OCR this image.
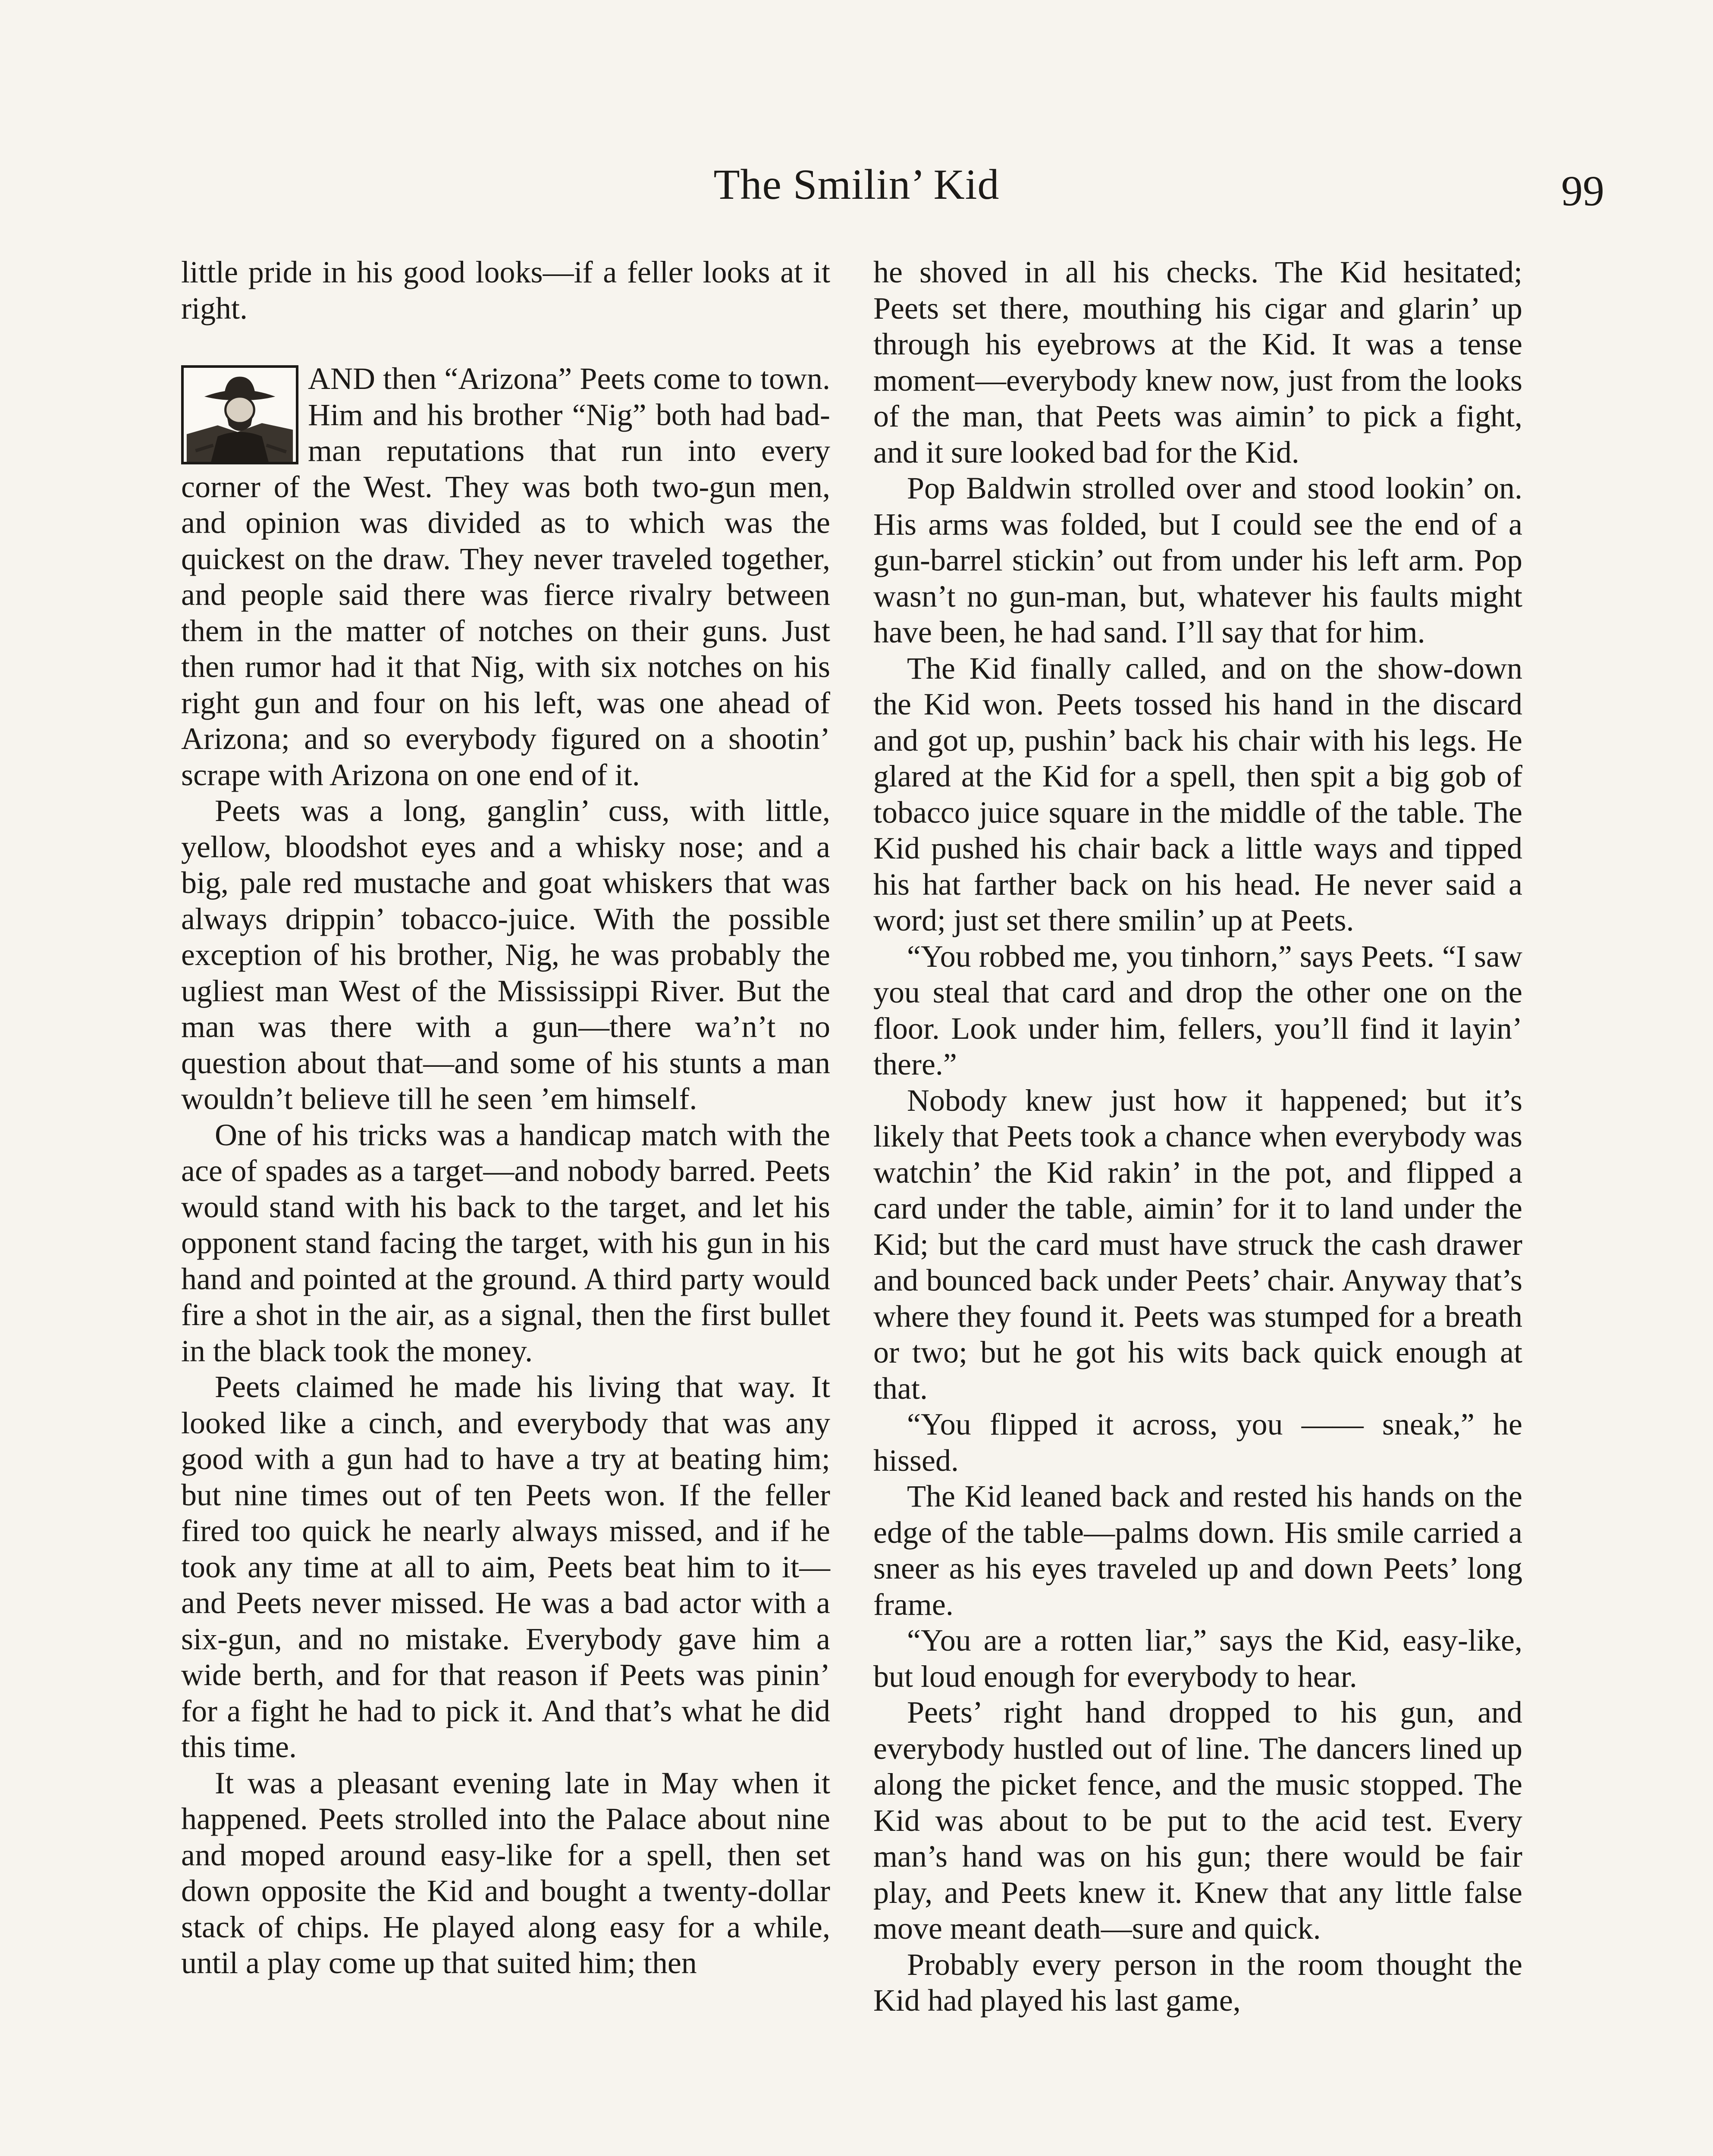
The Smilin’ Kid	99

little pride in his good looks—if a feller looks at it right.

AND then “Arizona” Peets come to town. Him and his brother “Nig” both had bad-man reputations that run into every corner of the West. They was both two-gun men, and opinion was divided as to which was the quickest on the draw. They never traveled together, and people said there was fierce rivalry between them in the matter of notches on their guns. Just then rumor had it that Nig, with six notches on his right gun and four on his left, was one ahead of Arizona; and so everybody figured on a shootin’ scrape with Arizona on one end of it.

Peets was a long, ganglin’ cuss, with little, yellow, bloodshot eyes and a whisky nose; and a big, pale red mustache and goat whiskers that was always drippin’ tobacco-juice. With the possible exception of his brother, Nig, he was probably the ugliest man West of the Mississippi River. But the man was there with a gun—there wa’n’t no question about that—and some of his stunts a man wouldn’t believe till he seen ’em himself.

One of his tricks was a handicap match with the ace of spades as a target—and nobody barred. Peets would stand with his back to the target, and let his opponent stand facing the target, with his gun in his hand and pointed at the ground. A third party would fire a shot in the air, as a signal, then the first bullet in the black took the money.

Peets claimed he made his living that way. It looked like a cinch, and everybody that was any good with a gun had to have a try at beating him; but nine times out of ten Peets won. If the feller fired too quick he nearly always missed, and if he took any time at all to aim, Peets beat him to it—and Peets never missed. He was a bad actor with a six-gun, and no mistake. Everybody gave him a wide berth, and for that reason if Peets was pinin’ for a fight he had to pick it. And that’s what he did this time.

It was a pleasant evening late in May when it happened. Peets strolled into the Palace about nine and moped around easy-like for a spell, then set down opposite the Kid and bought a twenty-dollar stack of chips. He played along easy for a while, until a play come up that suited him; then

he shoved in all his checks. The Kid hesitated; Peets set there, mouthing his cigar and glarin’ up through his eyebrows at the Kid. It was a tense moment—everybody knew now, just from the looks of the man, that Peets was aimin’ to pick a fight, and it sure looked bad for the Kid.

Pop Baldwin strolled over and stood lookin’ on. His arms was folded, but I could see the end of a gun-barrel stickin’ out from under his left arm. Pop wasn’t no gun-man, but, whatever his faults might have been, he had sand. I’ll say that for him.

The Kid finally called, and on the show-down the Kid won. Peets tossed his hand in the discard and got up, pushin’ back his chair with his legs. He glared at the Kid for a spell, then spit a big gob of tobacco juice square in the middle of the table. The Kid pushed his chair back a little ways and tipped his hat farther back on his head. He never said a word; just set there smilin’ up at Peets.

“You robbed me, you tinhorn,” says Peets. “I saw you steal that card and drop the other one on the floor. Look under him, fellers, you’ll find it layin’ there.”

Nobody knew just how it happened; but it’s likely that Peets took a chance when everybody was watchin’ the Kid rakin’ in the pot, and flipped a card under the table, aimin’ for it to land under the Kid; but the card must have struck the cash drawer and bounced back under Peets’ chair. Anyway that’s where they found it. Peets was stumped for a breath or two; but he got his wits back quick enough at that.

“You flipped it across, you —— sneak,” he hissed.

The Kid leaned back and rested his hands on the edge of the table—palms down. His smile carried a sneer as his eyes traveled up and down Peets’ long frame.

“You are a rotten liar,” says the Kid, easy-like, but loud enough for everybody to hear.

Peets’ right hand dropped to his gun, and everybody hustled out of line. The dancers lined up along the picket fence, and the music stopped. The Kid was about to be put to the acid test. Every man’s hand was on his gun; there would be fair play, and Peets knew it. Knew that any little false move meant death—sure and quick.

Probably every person in the room thought the Kid had played his last game,
